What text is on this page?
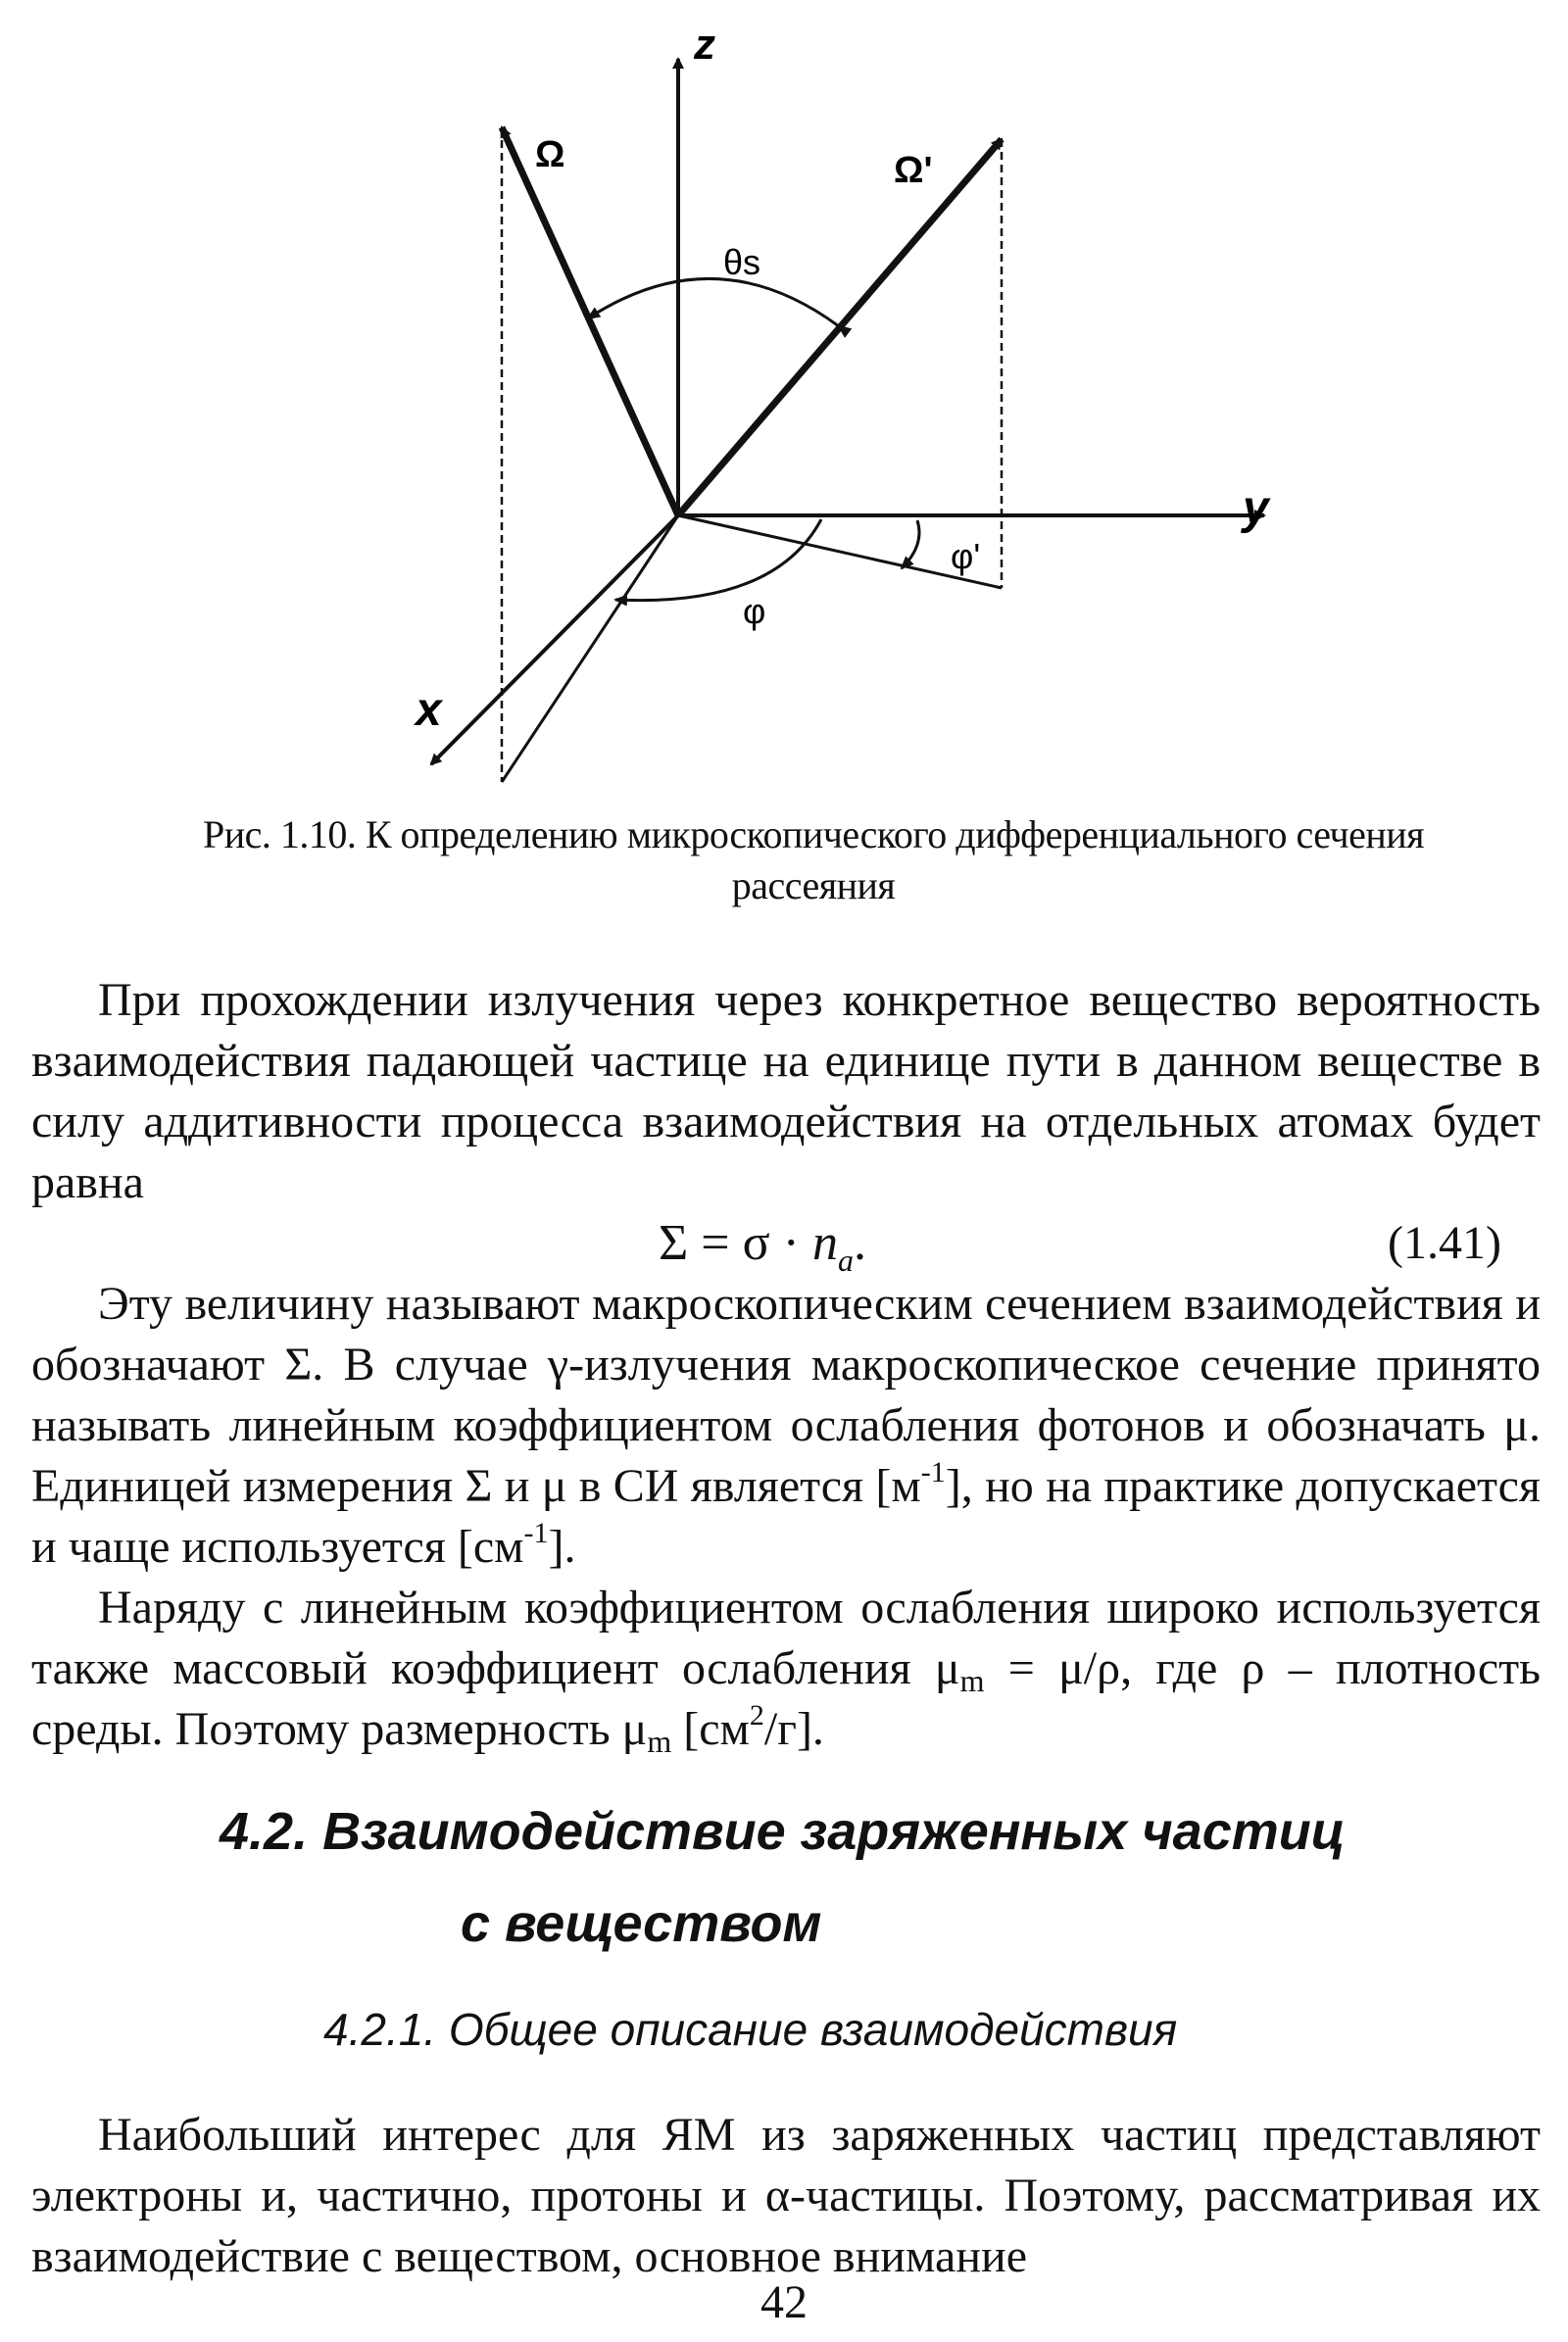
z
y
x
Ω	Ω'
θs
φ
φ'
Рис. 1.10. К определению микроскопического дифференциального сечения
рассеяния

При прохождении излучения через конкретное вещество вероятность взаимодействия падающей частице на единице пути в данном веществе в силу аддитивности процесса взаимодействия на отдельных атомах будет равна

$\Sigma = \sigma \cdot n_a$.	(1.41)

Эту величину называют макроскопическим сечением взаимодействия и обозначают Σ. В случае γ-излучения макроскопическое сечение принято называть линейным коэффициентом ослабления фотонов и обозначать μ. Единицей измерения Σ и μ в СИ является $[м^{-1}]$, но на практике допускается и чаще используется $[см^{-1}]$.

Наряду с линейным коэффициентом ослабления широко используется также массовый коэффициент ослабления $\mu_m = \mu/\rho$, где ρ – плотность среды. Поэтому размерность $\mu_m$ $[см^2/г]$.

4.2. Взаимодействие заряженных частиц
с веществом
4.2.1. Общее описание взаимодействия

Наибольший интерес для ЯМ из заряженных частиц представляют электроны и, частично, протоны и α-частицы. Поэтому, рассматривая их взаимодействие с веществом, основное внимание

42
